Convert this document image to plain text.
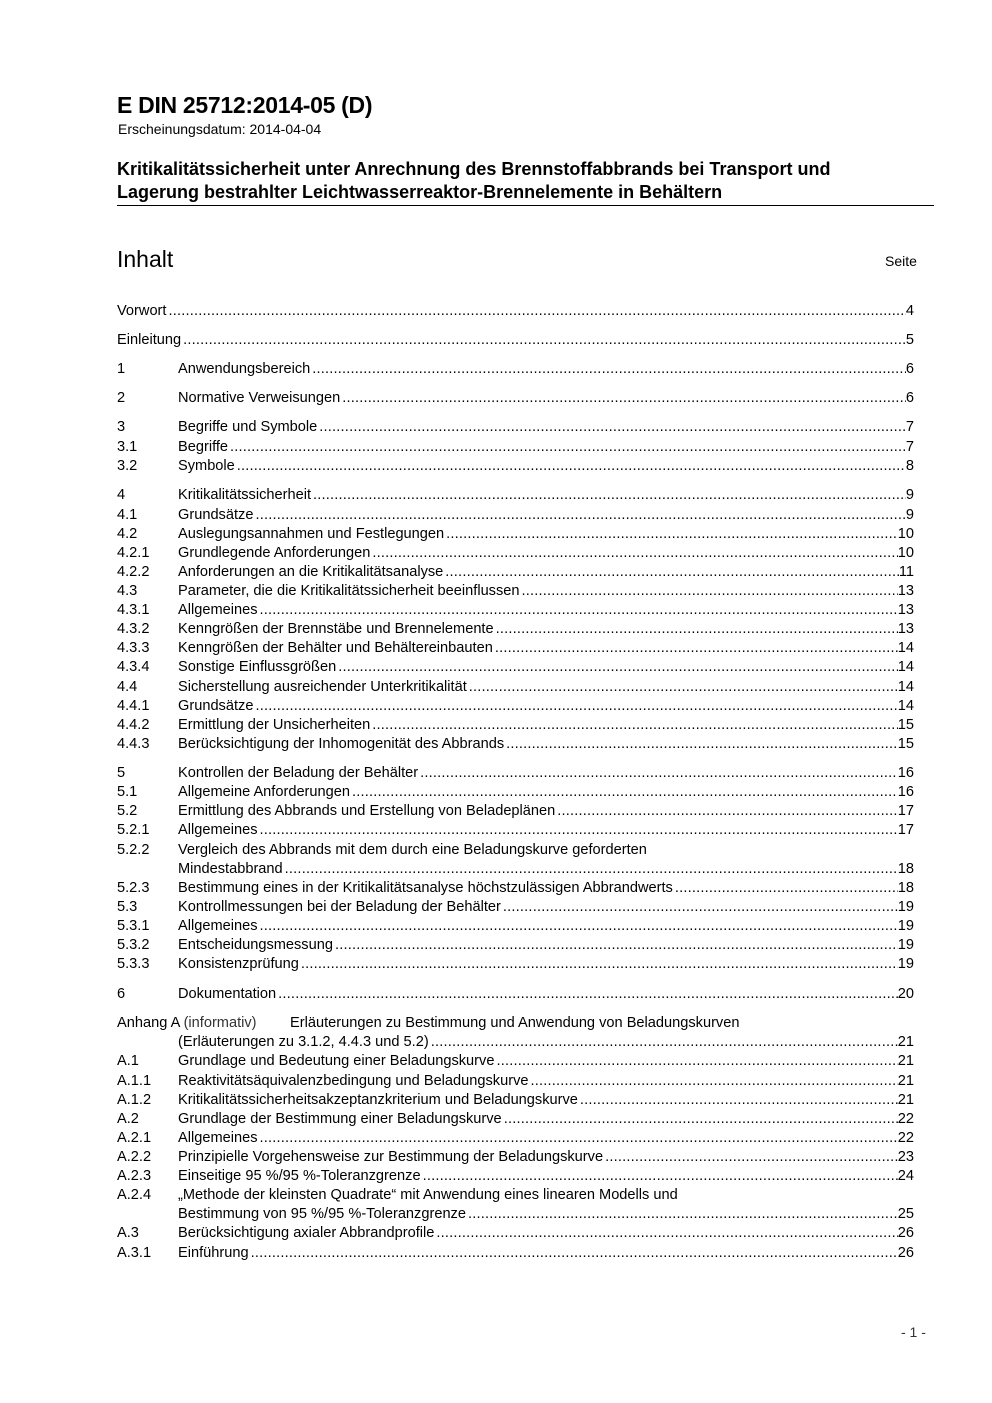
E DIN 25712:2014-05 (D)
Erscheinungsdatum: 2014-04-04
Kritikalitätssicherheit unter Anrechnung des Brennstoffabbrands bei Transport und
Lagerung bestrahlter Leichtwasserreaktor-Brennelemente in Behältern
Inhalt	Seite
Vorwort .....	4
Einleitung .....	5
1	Anwendungsbereich .....	6
2	Normative Verweisungen .....	6
3	Begriffe und Symbole .....	7
3.1	Begriffe .....	7
3.2	Symbole .....	8
4	Kritikalitätssicherheit .....	9
4.1	Grundsätze .....	9
4.2	Auslegungsannahmen und Festlegungen .....	10
4.2.1 Grundlegende Anforderungen .....	10
4.2.2 Anforderungen an die Kritikalitätsanalyse .....	11
4.3	Parameter, die die Kritikalitätssicherheit beeinflussen .....	13
4.3.1 Allgemeines .....	13
4.3.2 Kenngrößen der Brennstäbe und Brennelemente .....	13
4.3.3 Kenngrößen der Behälter und Behältereinbauten .....	14
4.3.4 Sonstige Einflussgrößen .....	14
4.4	Sicherstellung ausreichender Unterkritikalität .....	14
4.4.1 Grundsätze .....	14
4.4.2 Ermittlung der Unsicherheiten .....	15
4.4.3 Berücksichtigung der Inhomogenität des Abbrands .....	15
5	Kontrollen der Beladung der Behälter .....	16
5.1	Allgemeine Anforderungen .....	16
5.2	Ermittlung des Abbrands und Erstellung von Beladeplänen .....	17
5.2.1 Allgemeines .....	17
5.2.2 Vergleich des Abbrands mit dem durch eine Beladungskurve geforderten
Mindestabbrand .....	18
5.2.3 Bestimmung eines in der Kritikalitätsanalyse höchstzulässigen Abbrandwerts .....	18
5.3	Kontrollmessungen bei der Beladung der Behälter .....	19
5.3.1 Allgemeines .....	19
5.3.2 Entscheidungsmessung .....	19
5.3.3 Konsistenzprüfung .....	19
6	Dokumentation .....	20
Anhang A (informativ) Erläuterungen zu Bestimmung und Anwendung von Beladungskurven
(Erläuterungen zu 3.1.2, 4.4.3 und 5.2) .....	21
A.1	Grundlage und Bedeutung einer Beladungskurve .....	21
A.1.1 Reaktivitätsäquivalenzbedingung und Beladungskurve .....	21
A.1.2 Kritikalitätssicherheitsakzeptanzkriterium und Beladungskurve .....	21
A.2	Grundlage der Bestimmung einer Beladungskurve .....	22
A.2.1 Allgemeines .....	22
A.2.2 Prinzipielle Vorgehensweise zur Bestimmung der Beladungskurve .....	23
A.2.3 Einseitige 95 %/95 %-Toleranzgrenze .....	24
A.2.4 „Methode der kleinsten Quadrate“ mit Anwendung eines linearen Modells und
Bestimmung von 95 %/95 %-Toleranzgrenze .....	25
A.3	Berücksichtigung axialer Abbrandprofile .....	26
A.3.1 Einführung .....	26
- 1 -
